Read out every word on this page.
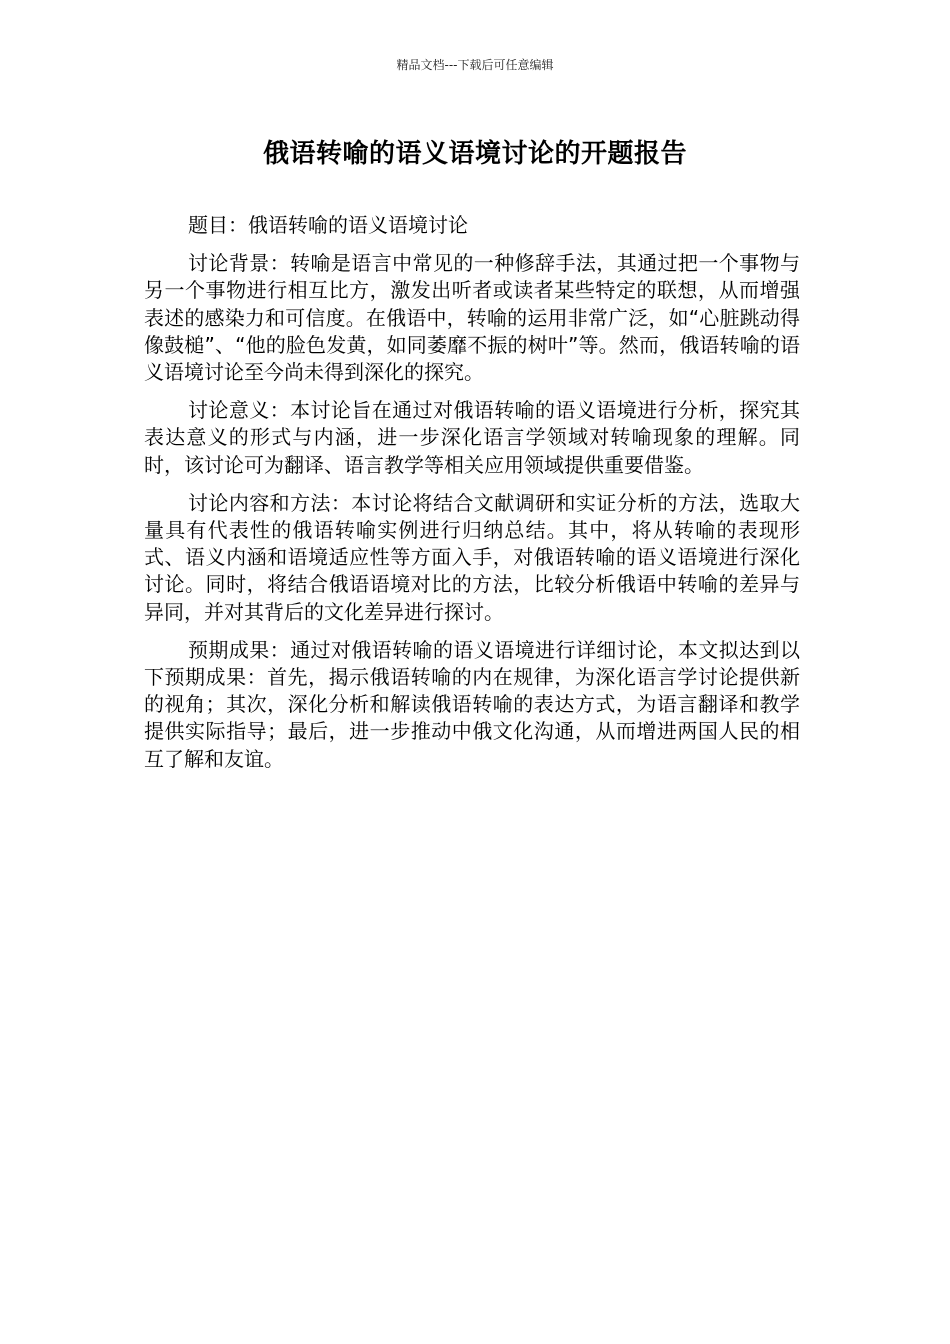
精品文档---下载后可任意编辑
俄语转喻的语义语境讨论的开题报告

题目：俄语转喻的语义语境讨论

讨论背景：转喻是语言中常见的一种修辞手法，其通过把一个事物与另一个事物进行相互比方，激发出听者或读者某些特定的联想，从而增强表述的感染力和可信度。在俄语中，转喻的运用非常广泛，如“心脏跳动得像鼓槌”、“他的脸色发黄，如同萎靡不振的树叶”等。然而，俄语转喻的语义语境讨论至今尚未得到深化的探究。

讨论意义：本讨论旨在通过对俄语转喻的语义语境进行分析，探究其表达意义的形式与内涵，进一步深化语言学领域对转喻现象的理解。同时，该讨论可为翻译、语言教学等相关应用领域提供重要借鉴。

讨论内容和方法：本讨论将结合文献调研和实证分析的方法，选取大量具有代表性的俄语转喻实例进行归纳总结。其中，将从转喻的表现形式、语义内涵和语境适应性等方面入手，对俄语转喻的语义语境进行深化讨论。同时，将结合俄语语境对比的方法，比较分析俄语中转喻的差异与异同，并对其背后的文化差异进行探讨。

预期成果：通过对俄语转喻的语义语境进行详细讨论，本文拟达到以下预期成果：首先，揭示俄语转喻的内在规律，为深化语言学讨论提供新的视角；其次，深化分析和解读俄语转喻的表达方式，为语言翻译和教学提供实际指导；最后，进一步推动中俄文化沟通，从而增进两国人民的相互了解和友谊。
